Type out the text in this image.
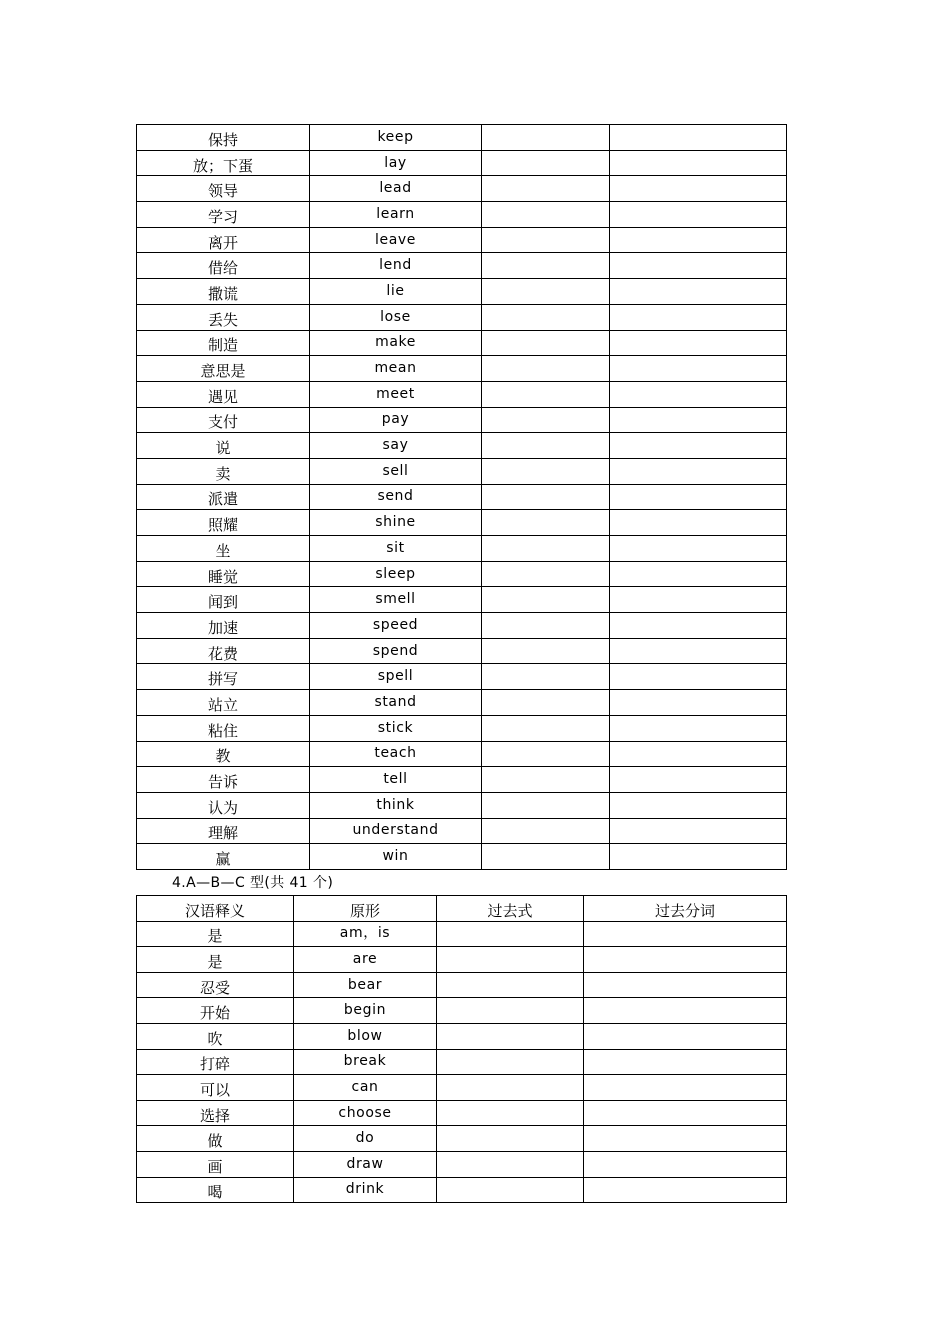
保持	keep		
放；下蛋	lay		
领导	lead		
学习	learn		
离开	leave		
借给	lend		
撒谎	lie		
丢失	lose		
制造	make		
意思是	mean		
遇见	meet		
支付	pay		
说	say		
卖	sell		
派遣	send		
照耀	shine		
坐	sit		
睡觉	sleep		
闻到	smell		
加速	speed		
花费	spend		
拼写	spell		
站立	stand		
粘住	stick		
教	teach		
告诉	tell		
认为	think		
理解	understand		
赢	win		
4.A—B—C 型(共 41 个)
汉语释义	原形	过去式	过去分词
是	am，is		
是	are		
忍受	bear		
开始	begin		
吹	blow		
打碎	break		
可以	can		
选择	choose		
做	do		
画	draw		
喝	drink		
